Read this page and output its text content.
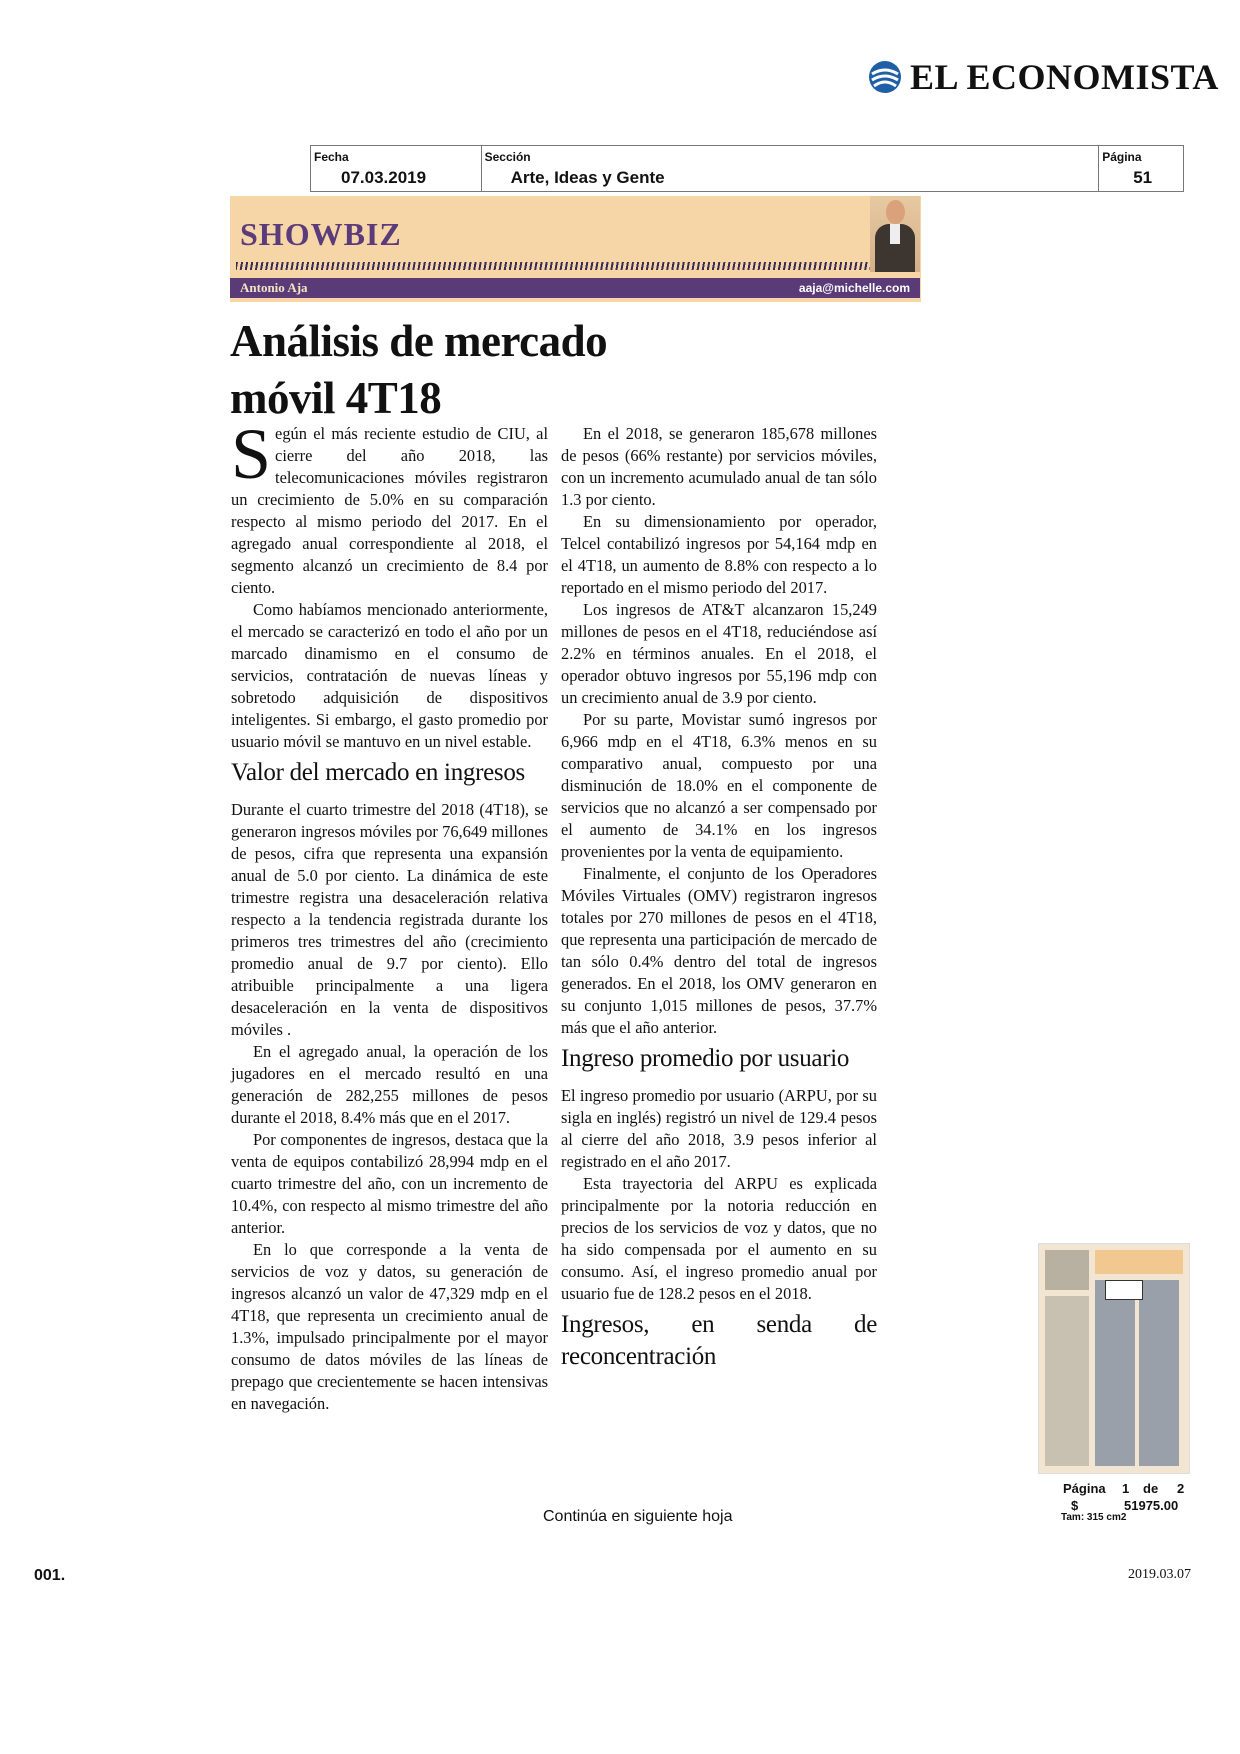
EL ECONOMISTA
Fecha
07.03.2019
Sección
Arte, Ideas y Gente
Página
51
SHOWBIZ
Antonio Aja	aaja@michelle.com
Análisis de mercado
móvil 4T18

Según el más reciente estudio de CIU, al cierre del año 2018, las telecomunicaciones móviles registraron un crecimiento de 5.0% en su comparación respecto al mismo periodo del 2017. En el agregado anual correspondiente al 2018, el segmento alcanzó un crecimiento de 8.4 por ciento.

Como habíamos mencionado anteriormente, el mercado se caracterizó en todo el año por un marcado dinamismo en el consumo de servicios, contratación de nuevas líneas y sobretodo adquisición de dispositivos inteligentes. Si embargo, el gasto promedio por usuario móvil se mantuvo en un nivel estable.

Valor del mercado en ingresos

Durante el cuarto trimestre del 2018 (4T18), se generaron ingresos móviles por 76,649 millones de pesos, cifra que representa una expansión anual de 5.0 por ciento. La dinámica de este trimestre registra una desaceleración relativa respecto a la tendencia registrada durante los primeros tres trimestres del año (crecimiento promedio anual de 9.7 por ciento). Ello atribuible principalmente a una ligera desaceleración en la venta de dispositivos móviles .

En el agregado anual, la operación de los jugadores en el mercado resultó en una generación de 282,255 millones de pesos durante el 2018, 8.4% más que en el 2017.

Por componentes de ingresos, destaca que la venta de equipos contabilizó 28,994 mdp en el cuarto trimestre del año, con un incremento de 10.4%, con respecto al mismo trimestre del año anterior.

En lo que corresponde a la venta de servicios de voz y datos, su generación de ingresos alcanzó un valor de 47,329 mdp en el 4T18, que representa un crecimiento anual de 1.3%, impulsado principalmente por el mayor consumo de datos móviles de las líneas de prepago que crecientemente se hacen intensivas en navegación.

En el 2018, se generaron 185,678 millones de pesos (66% restante) por servicios móviles, con un incremento acumulado anual de tan sólo 1.3 por ciento.

En su dimensionamiento por operador, Telcel contabilizó ingresos por 54,164 mdp en el 4T18, un aumento de 8.8% con respecto a lo reportado en el mismo periodo del 2017.

Los ingresos de AT&T alcanzaron 15,249 millones de pesos en el 4T18, reduciéndose así 2.2% en términos anuales. En el 2018, el operador obtuvo ingresos por 55,196 mdp con un crecimiento anual de 3.9 por ciento.

Por su parte, Movistar sumó ingresos por 6,966 mdp en el 4T18, 6.3% menos en su comparativo anual, compuesto por una disminución de 18.0% en el componente de servicios que no alcanzó a ser compensado por el aumento de 34.1% en los ingresos provenientes por la venta de equipamiento.

Finalmente, el conjunto de los Operadores Móviles Virtuales (OMV) registraron ingresos totales por 270 millones de pesos en el 4T18, que representa una participación de mercado de tan sólo 0.4% dentro del total de ingresos generados. En el 2018, los OMV generaron en su conjunto 1,015 millones de pesos, 37.7% más que el año anterior.

Ingreso promedio por usuario

El ingreso promedio por usuario (ARPU, por su sigla en inglés) registró un nivel de 129.4 pesos al cierre del año 2018, 3.9 pesos inferior al registrado en el año 2017.

Esta trayectoria del ARPU es explicada principalmente por la notoria reducción en precios de los servicios de voz y datos, que no ha sido compensada por el aumento en su consumo. Así, el ingreso promedio anual por usuario fue de 128.2 pesos en el 2018.

Ingresos, en senda de reconcentración
Continúa en siguiente hoja
Página 1 de 2
$	51975.00
Tam: 315 cm2
001.	2019.03.07
